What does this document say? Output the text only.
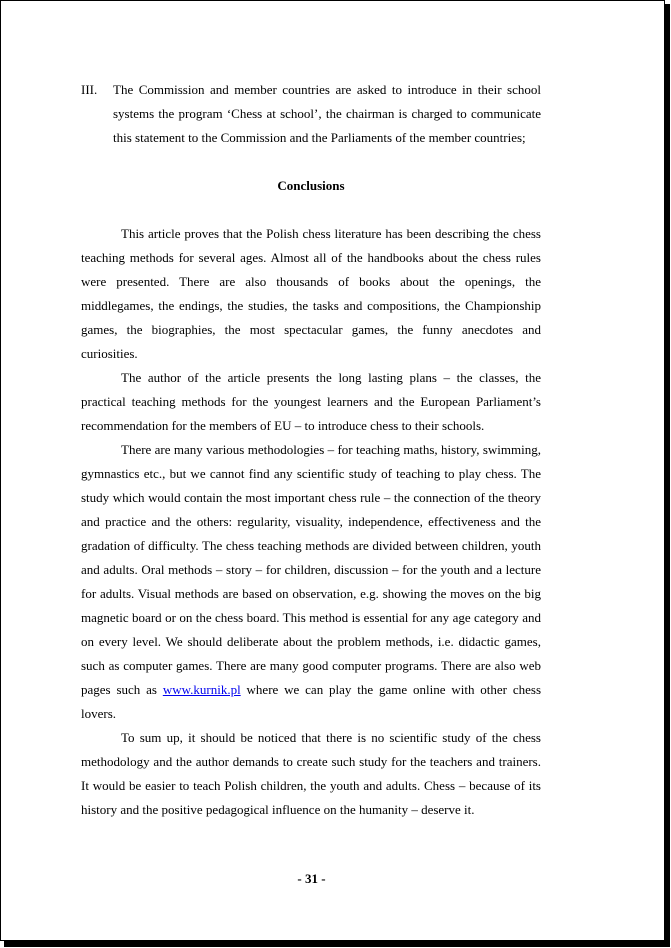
III. The Commission and member countries are asked to introduce in their school systems the program ‘Chess at school’, the chairman is charged to communicate this statement to the Commission and the Parliaments of the member countries;
Conclusions

This article proves that the Polish chess literature has been describing the chess teaching methods for several ages. Almost all of the handbooks about the chess rules were presented. There are also thousands of books about the openings, the middlegames, the endings, the studies, the tasks and compositions, the Championship games, the biographies, the most spectacular games, the funny anecdotes and curiosities.

The author of the article presents the long lasting plans – the classes, the practical teaching methods for the youngest learners and the European Parliament’s recommendation for the members of EU – to introduce chess to their schools.

There are many various methodologies – for teaching maths, history, swimming, gymnastics etc., but we cannot find any scientific study of teaching to play chess. The study which would contain the most important chess rule – the connection of the theory and practice and the others: regularity, visuality, independence, effectiveness and the gradation of difficulty. The chess teaching methods are divided between children, youth and adults. Oral methods – story – for children, discussion – for the youth and a lecture for adults. Visual methods are based on observation, e.g. showing the moves on the big magnetic board or on the chess board. This method is essential for any age category and on every level. We should deliberate about the problem methods, i.e. didactic games, such as computer games. There are many good computer programs. There are also web pages such as www.kurnik.pl where we can play the game online with other chess lovers.

To sum up, it should be noticed that there is no scientific study of the chess methodology and the author demands to create such study for the teachers and trainers. It would be easier to teach Polish children, the youth and adults. Chess – because of its history and the positive pedagogical influence on the humanity – deserve it.

- 31 -
